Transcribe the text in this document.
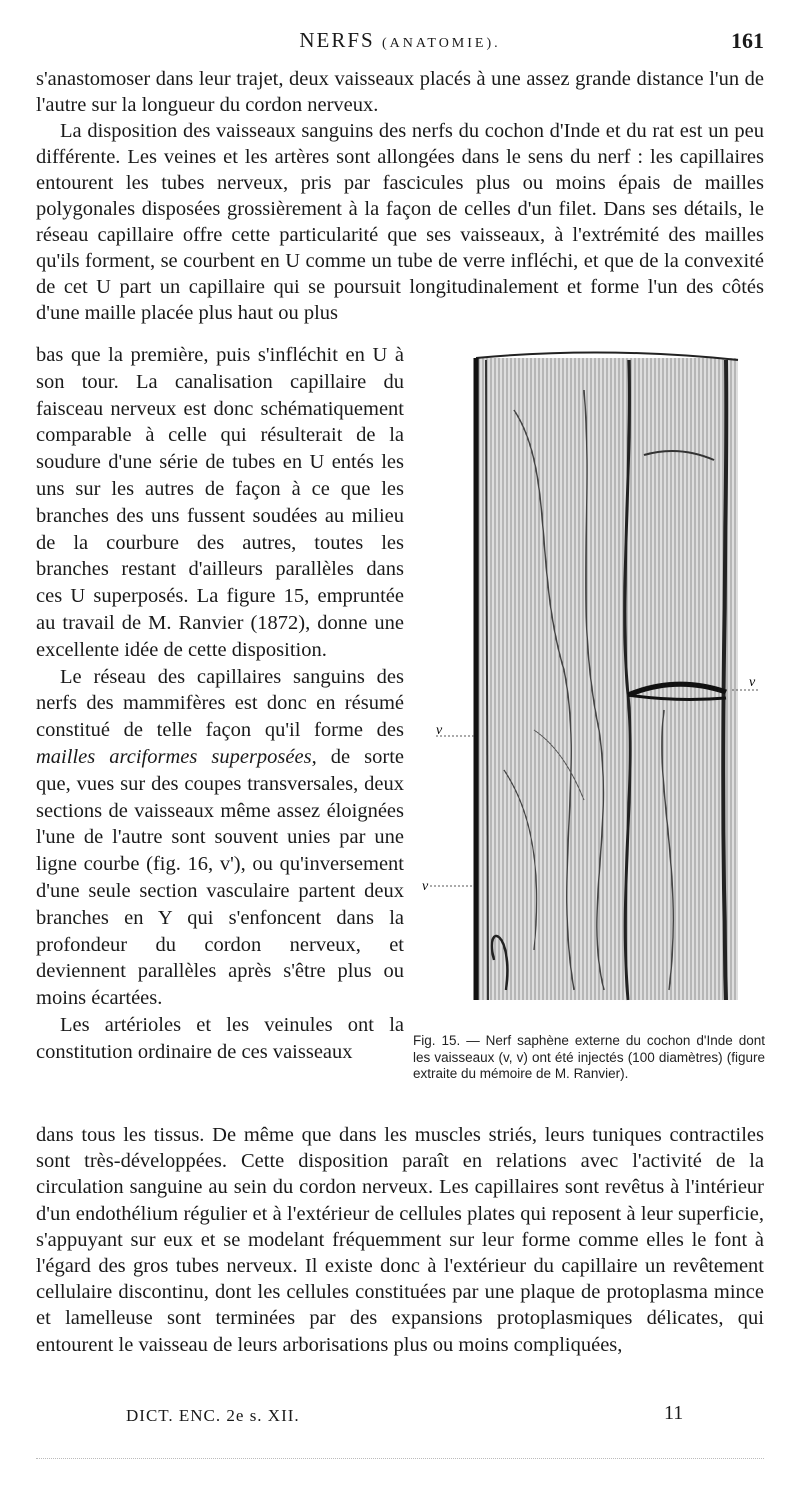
NERFS (ANATOMIE).	161

s'anastomoser dans leur trajet, deux vaisseaux placés à une assez grande distance l'un de l'autre sur la longueur du cordon nerveux.

La disposition des vaisseaux sanguins des nerfs du cochon d'Inde et du rat est un peu différente. Les veines et les artères sont allongées dans le sens du nerf : les capillaires entourent les tubes nerveux, pris par fascicules plus ou moins épais de mailles polygonales disposées grossièrement à la façon de celles d'un filet. Dans ses détails, le réseau capillaire offre cette particularité que ses vaisseaux, à l'extrémité des mailles qu'ils forment, se courbent en U comme un tube de verre infléchi, et que de la convexité de cet U part un capillaire qui se poursuit longitudinalement et forme l'un des côtés d'une maille placée plus haut ou plus

bas que la première, puis s'infléchit en U à son tour. La canalisation capillaire du faisceau nerveux est donc schématiquement comparable à celle qui résulterait de la soudure d'une série de tubes en U entés les uns sur les autres de façon à ce que les branches des uns fussent soudées au milieu de la courbure des autres, toutes les branches restant d'ailleurs parallèles dans ces U superposés. La figure 15, empruntée au travail de M. Ranvier (1872), donne une excellente idée de cette disposition.

Le réseau des capillaires sanguins des nerfs des mammifères est donc en résumé constitué de telle façon qu'il forme des mailles arciformes superposées, de sorte que, vues sur des coupes transversales, deux sections de vaisseaux même assez éloignées l'une de l'autre sont souvent unies par une ligne courbe (fig. 16, v'), ou qu'inversement d'une seule section vasculaire partent deux branches en Y qui s'enfoncent dans la profondeur du cordon nerveux, et deviennent parallèles après s'être plus ou moins écartées.

Les artérioles et les veinules ont la constitution ordinaire de ces vaisseaux

v
v
v
Fig. 15. — Nerf saphène externe du cochon d'Inde dont les vaisseaux (v, v) ont été injectés (100 diamètres) (figure extraite du mémoire de M. Ranvier).

dans tous les tissus. De même que dans les muscles striés, leurs tuniques contractiles sont très-développées. Cette disposition paraît en relations avec l'activité de la circulation sanguine au sein du cordon nerveux. Les capillaires sont revêtus à l'intérieur d'un endothélium régulier et à l'extérieur de cellules plates qui reposent à leur superficie, s'appuyant sur eux et se modelant fréquemment sur leur forme comme elles le font à l'égard des gros tubes nerveux. Il existe donc à l'extérieur du capillaire un revêtement cellulaire discontinu, dont les cellules constituées par une plaque de protoplasma mince et lamelleuse sont terminées par des expansions protoplasmiques délicates, qui entourent le vaisseau de leurs arborisations plus ou moins compliquées,

DICT. ENC. 2e s. XII.	11
